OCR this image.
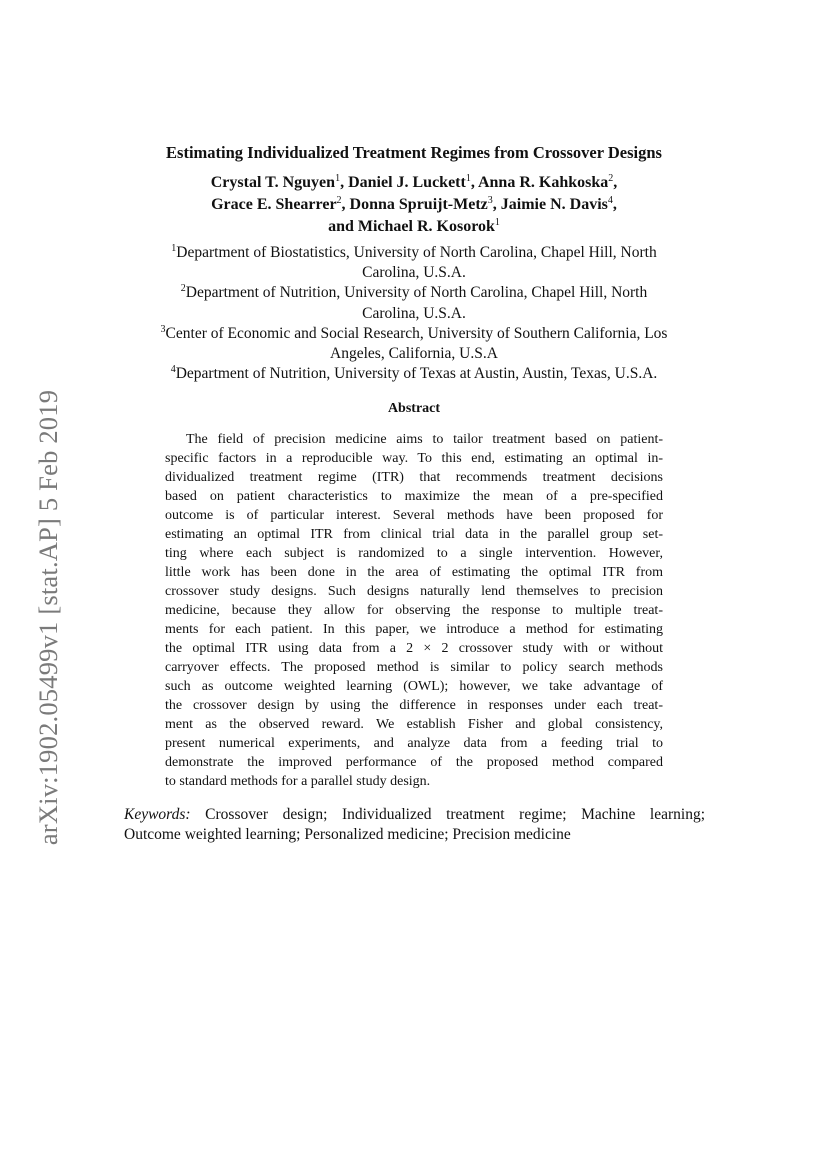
arXiv:1902.05499v1 [stat.AP] 5 Feb 2019
Estimating Individualized Treatment Regimes from Crossover Designs
Crystal T. Nguyen$^1$, Daniel J. Luckett$^1$, Anna R. Kahkoska$^2$,
Grace E. Shearrer$^2$, Donna Spruijt-Metz$^3$, Jaimie N. Davis$^4$,
and Michael R. Kosorok$^1$
$^1$Department of Biostatistics, University of North Carolina, Chapel Hill, North
Carolina, U.S.A.
$^2$Department of Nutrition, University of North Carolina, Chapel Hill, North
Carolina, U.S.A.
$^3$Center of Economic and Social Research, University of Southern California, Los
Angeles, California, U.S.A
$^4$Department of Nutrition, University of Texas at Austin, Austin, Texas, U.S.A.
Abstract
The field of precision medicine aims to tailor treatment based on patient-
specific factors in a reproducible way. To this end, estimating an optimal in-
dividualized treatment regime (ITR) that recommends treatment decisions
based on patient characteristics to maximize the mean of a pre-specified
outcome is of particular interest. Several methods have been proposed for
estimating an optimal ITR from clinical trial data in the parallel group set-
ting where each subject is randomized to a single intervention. However,
little work has been done in the area of estimating the optimal ITR from
crossover study designs. Such designs naturally lend themselves to precision
medicine, because they allow for observing the response to multiple treat-
ments for each patient. In this paper, we introduce a method for estimating
the optimal ITR using data from a 2 × 2 crossover study with or without
carryover effects. The proposed method is similar to policy search methods
such as outcome weighted learning (OWL); however, we take advantage of
the crossover design by using the difference in responses under each treat-
ment as the observed reward. We establish Fisher and global consistency,
present numerical experiments, and analyze data from a feeding trial to
demonstrate the improved performance of the proposed method compared
to standard methods for a parallel study design.
Keywords: Crossover design; Individualized treatment regime; Machine learning;
Outcome weighted learning; Personalized medicine; Precision medicine
